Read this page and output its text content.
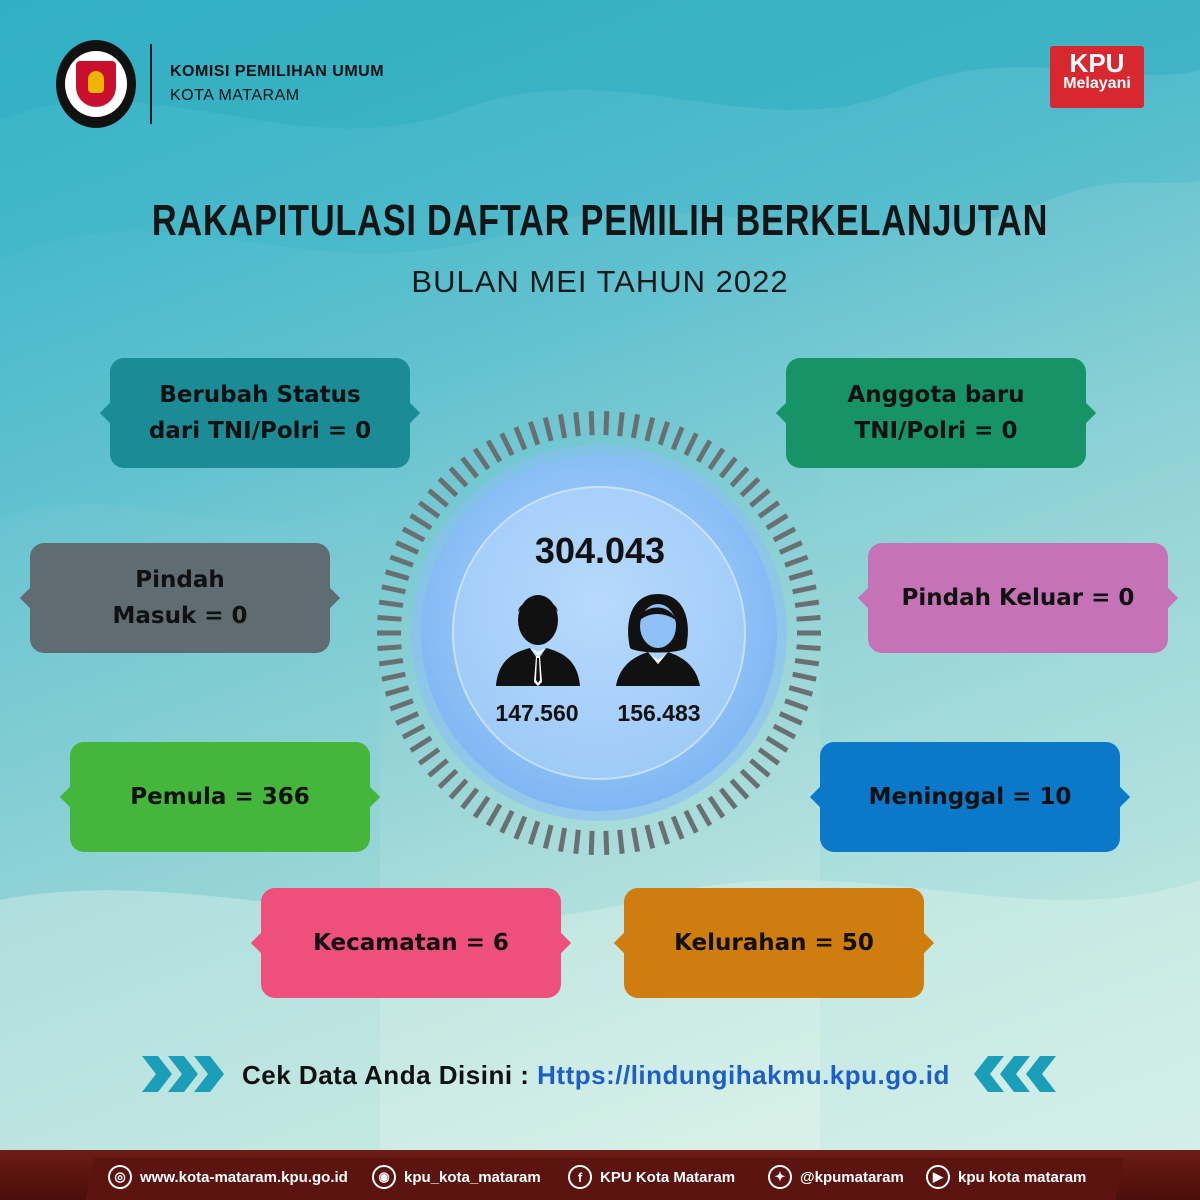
KOMISI PEMILIHAN UMUM
KOTA MATARAM
KPU
Melayani
RAKAPITULASI DAFTAR PEMILIH BERKELANJUTAN
BULAN MEI TAHUN 2022
Berubah Status
dari TNI/Polri = 0
Anggota baru
TNI/Polri = 0
Pindah
Masuk = 0
Pindah Keluar = 0
Pemula = 366	Meninggal = 10
Kecamatan = 6	Kelurahan = 50
304.043
147.560	156.483
Cek Data Anda Disini : Https://lindungihakmu.kpu.go.id
◎ www.kota-mataram.kpu.go.id	◉ kpu_kota_mataram	f	KPU Kota Mataram	✦ @kpumataram	▶	kpu kota mataram
